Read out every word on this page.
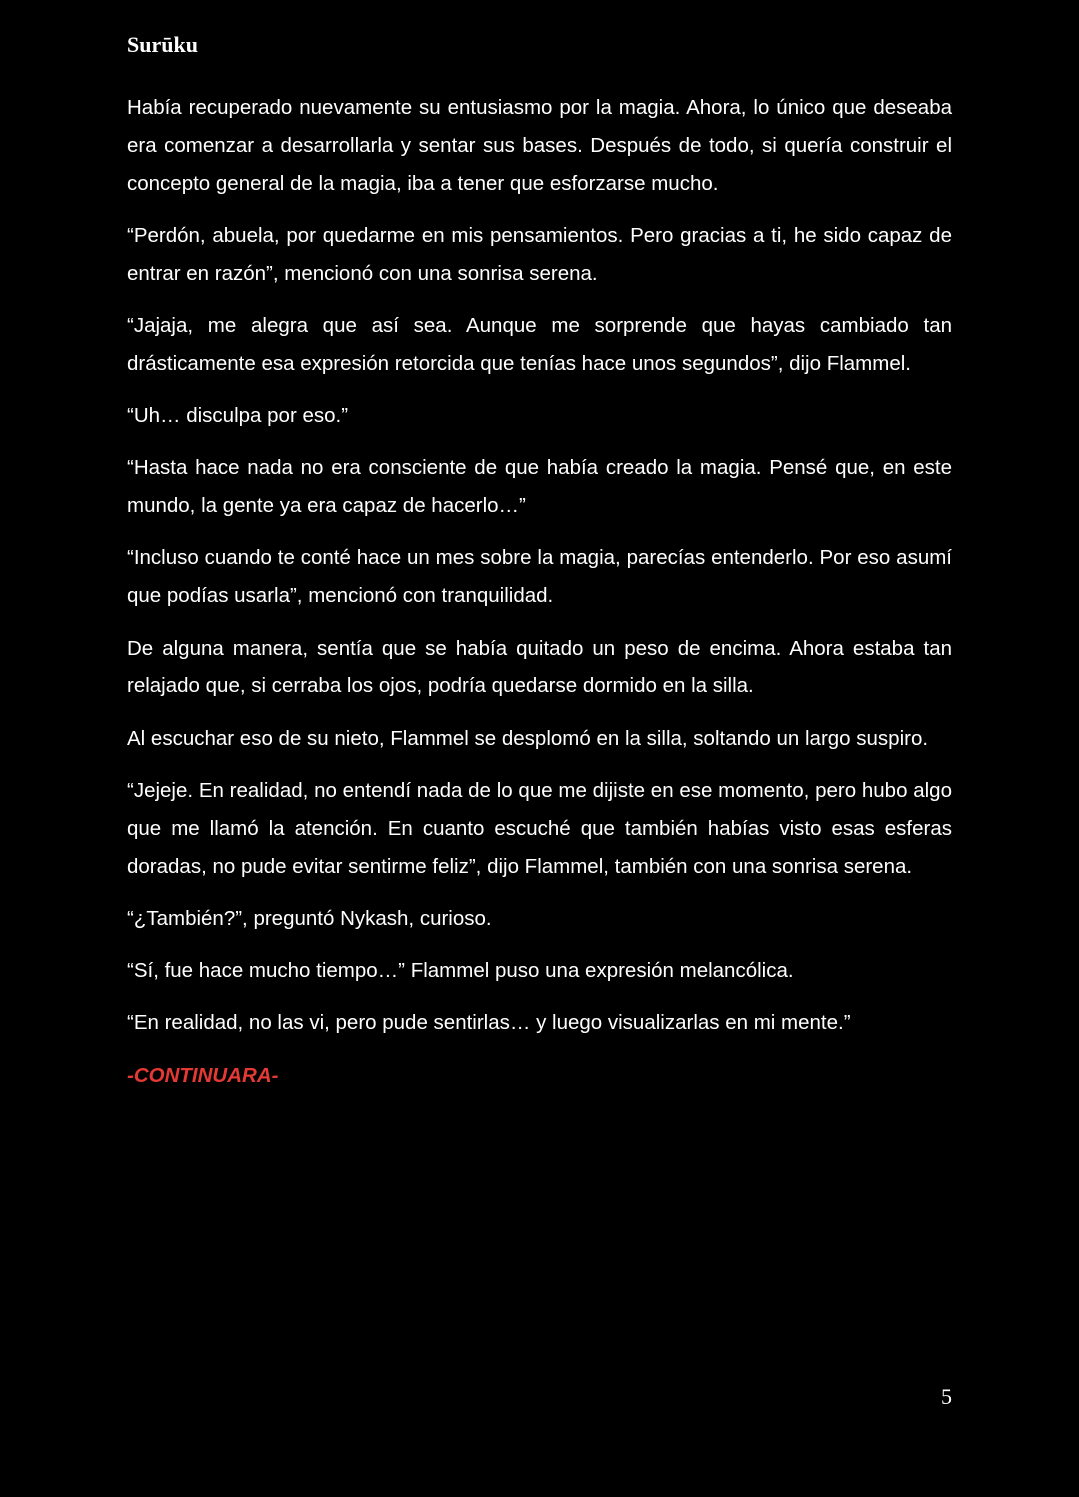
Surūku

Había recuperado nuevamente su entusiasmo por la magia. Ahora, lo único que deseaba era comenzar a desarrollarla y sentar sus bases. Después de todo, si quería construir el concepto general de la magia, iba a tener que esforzarse mucho.

“Perdón, abuela, por quedarme en mis pensamientos. Pero gracias a ti, he sido capaz de entrar en razón”, mencionó con una sonrisa serena.

“Jajaja, me alegra que así sea. Aunque me sorprende que hayas cambiado tan drásticamente esa expresión retorcida que tenías hace unos segundos”, dijo Flammel.

“Uh… disculpa por eso.”

“Hasta hace nada no era consciente de que había creado la magia. Pensé que, en este mundo, la gente ya era capaz de hacerlo…”

“Incluso cuando te conté hace un mes sobre la magia, parecías entenderlo. Por eso asumí que podías usarla”, mencionó con tranquilidad.

De alguna manera, sentía que se había quitado un peso de encima. Ahora estaba tan relajado que, si cerraba los ojos, podría quedarse dormido en la silla.

Al escuchar eso de su nieto, Flammel se desplomó en la silla, soltando un largo suspiro.

“Jejeje. En realidad, no entendí nada de lo que me dijiste en ese momento, pero hubo algo que me llamó la atención. En cuanto escuché que también habías visto esas esferas doradas, no pude evitar sentirme feliz”, dijo Flammel, también con una sonrisa serena.

“¿También?”, preguntó Nykash, curioso.

“Sí, fue hace mucho tiempo…” Flammel puso una expresión melancólica.

“En realidad, no las vi, pero pude sentirlas… y luego visualizarlas en mi mente.”

-CONTINUARA-

5
